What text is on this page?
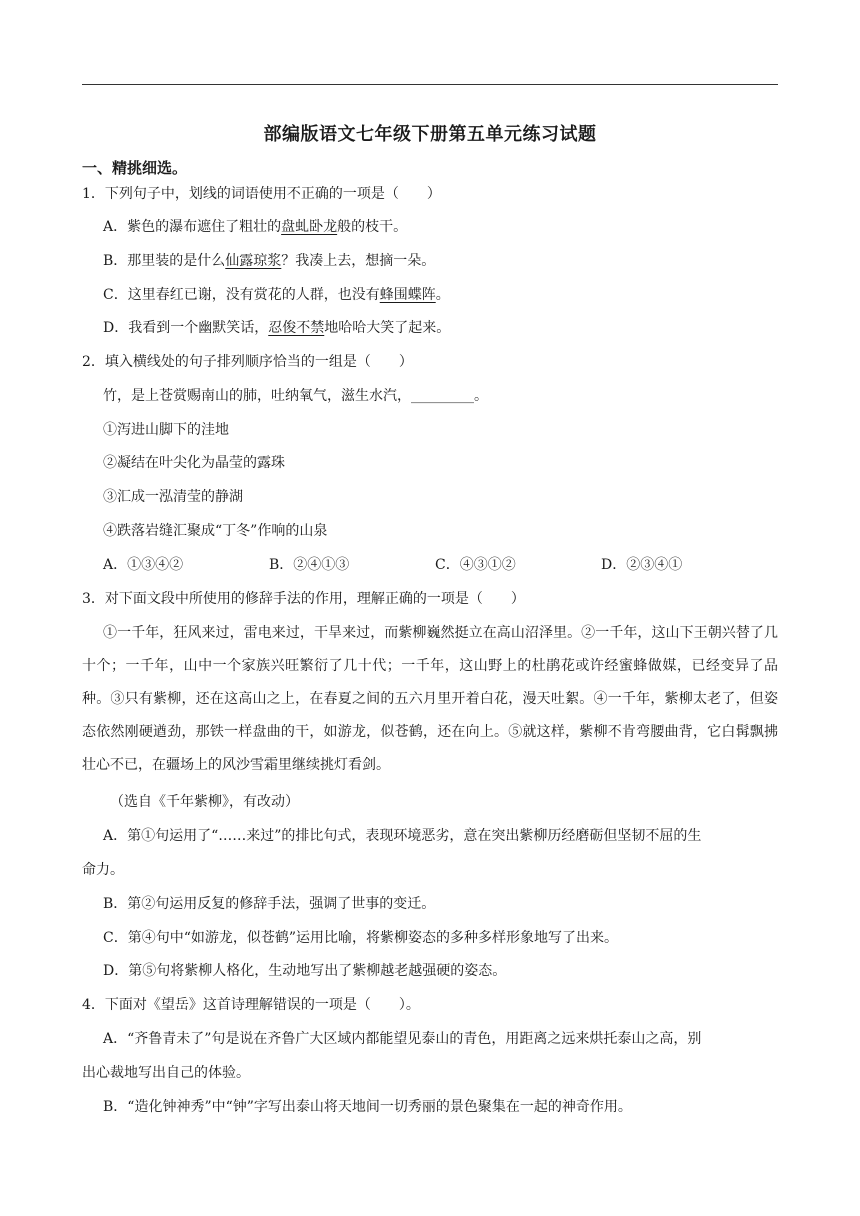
部编版语文七年级下册第五单元练习试题
一、精挑细选。
1．下列句子中，划线的词语使用不正确的一项是（　　）
A．紫色的瀑布遮住了粗壮的盘虬卧龙般的枝干。
B．那里装的是什么仙露琼浆？我凑上去，想摘一朵。
C．这里春红已谢，没有赏花的人群，也没有蜂围蝶阵。
D．我看到一个幽默笑话，忍俊不禁地哈哈大笑了起来。
2．填入横线处的句子排列顺序恰当的一组是（　　）
竹，是上苍赏赐南山的肺，吐纳氧气，滋生水汽，_________。
①泻进山脚下的洼地
②凝结在叶尖化为晶莹的露珠
③汇成一泓清莹的静湖
④跌落岩缝汇聚成“丁冬”作响的山泉
A．①③④②	B．②④①③	C．④③①②	D．②③④①
3．对下面文段中所使用的修辞手法的作用，理解正确的一项是（　　）
①一千年，狂风来过，雷电来过，干旱来过，而紫柳巍然挺立在高山沼泽里。②一千年，这山下王朝兴替了几十个；一千年，山中一个家族兴旺繁衍了几十代；一千年，这山野上的杜鹃花或许经蜜蜂做媒，已经变异了品种。③只有紫柳，还在这高山之上，在春夏之间的五六月里开着白花，漫天吐絮。④一千年，紫柳太老了，但姿态依然刚硬遒劲，那铁一样盘曲的干，如游龙，似苍鹤，还在向上。⑤就这样，紫柳不肯弯腰曲背，它白髯飘拂壮心不已，在疆场上的风沙雪霜里继续挑灯看剑。
（选自《千年紫柳》，有改动）
A．第①句运用了“……来过”的排比句式，表现环境恶劣，意在突出紫柳历经磨砺但坚韧不屈的生
命力。
B．第②句运用反复的修辞手法，强调了世事的变迁。
C．第④句中“如游龙，似苍鹤”运用比喻，将紫柳姿态的多种多样形象地写了出来。
D．第⑤句将紫柳人格化，生动地写出了紫柳越老越强硬的姿态。
4．下面对《望岳》这首诗理解错误的一项是（　　）。
A．“齐鲁青未了”句是说在齐鲁广大区域内都能望见泰山的青色，用距离之远来烘托泰山之高，别
出心裁地写出自己的体验。
B．“造化钟神秀”中“钟”字写出泰山将天地间一切秀丽的景色聚集在一起的神奇作用。
